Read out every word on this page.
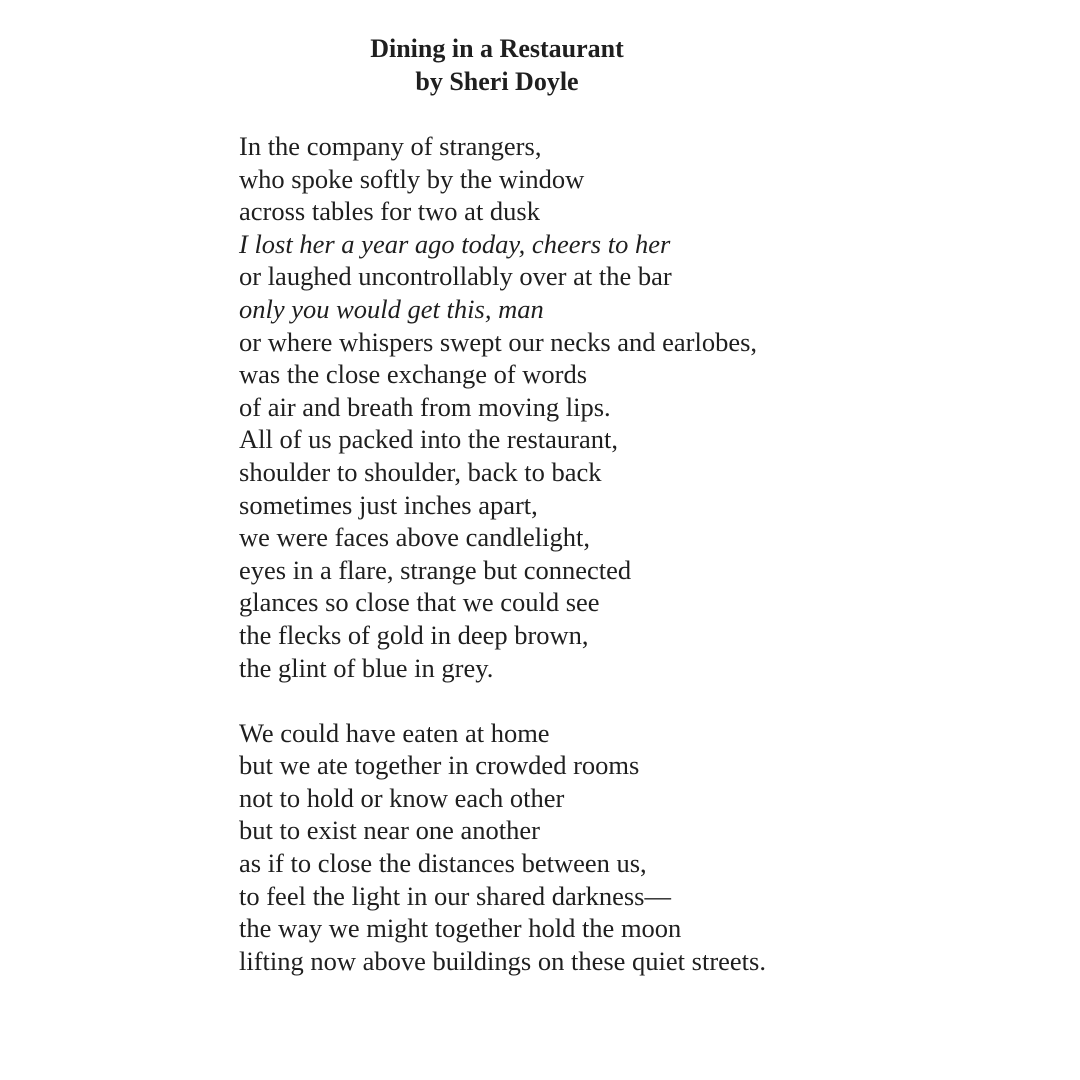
Dining in a Restaurant
by Sheri Doyle
In the company of strangers,
who spoke softly by the window
across tables for two at dusk
I lost her a year ago today, cheers to her
or laughed uncontrollably over at the bar
only you would get this, man
or where whispers swept our necks and earlobes,
was the close exchange of words
of air and breath from moving lips.
All of us packed into the restaurant,
shoulder to shoulder, back to back
sometimes just inches apart,
we were faces above candlelight,
eyes in a flare, strange but connected
glances so close that we could see
the flecks of gold in deep brown,
the glint of blue in grey.
We could have eaten at home
but we ate together in crowded rooms
not to hold or know each other
but to exist near one another
as if to close the distances between us,
to feel the light in our shared darkness—
the way we might together hold the moon
lifting now above buildings on these quiet streets.
